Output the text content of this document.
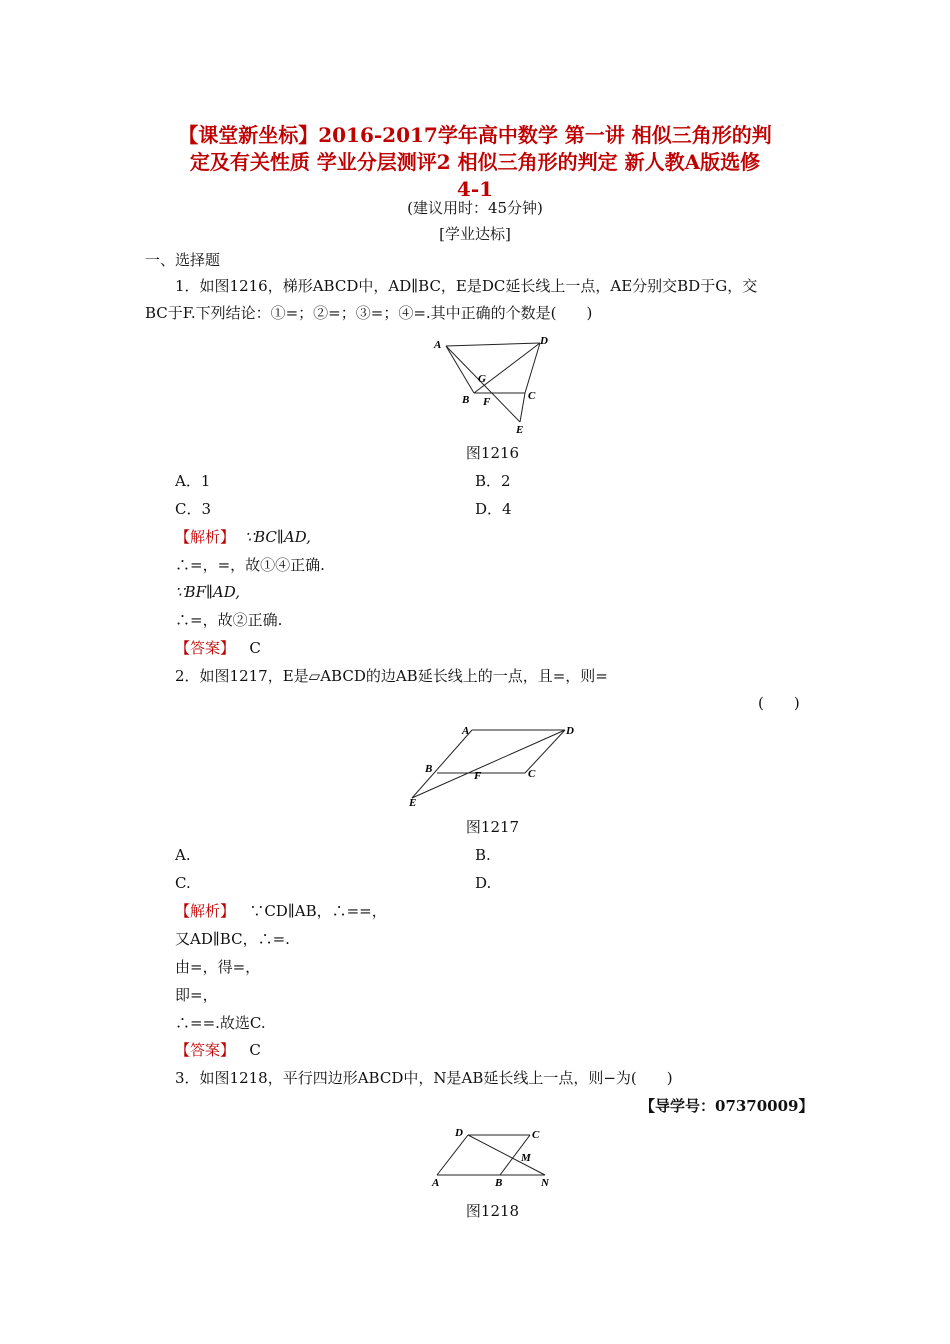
【课堂新坐标】2016-2017学年高中数学 第一讲 相似三角形的判
定及有关性质 学业分层测评2 相似三角形的判定 新人教A版选修
4-1
(建议用时：45分钟)
[学业达标]
一、选择题
1．如图1216，梯形ABCD中，AD∥BC，E是DC延长线上一点，AE分别交BD于G，交
BC于F.下列结论：①=；②=；③=；④=.其中正确的个数是(　　)
A	D
G
C
B F
E
图1216
A．1	B．2
C．3	D．4
【解析】 ∵BC∥AD,
∴=，=，故①④正确.
∵BF∥AD,
∴=，故②正确.
【答案】 C
2．如图1217，E是▱ABCD的边AB延长线上的一点，且=，则=
(　　)
A	D
B
F	C
E
图1217
A.	B.
C.	D.
【解析】 ∵CD∥AB，∴==，
又AD∥BC，∴=.
由=，得=，
即=，
∴==.故选C.
【答案】 C
3．如图1218，平行四边形ABCD中，N是AB延长线上一点，则−为(　　)
【导学号：07370009】
D	C
M
A	B	N
图1218
